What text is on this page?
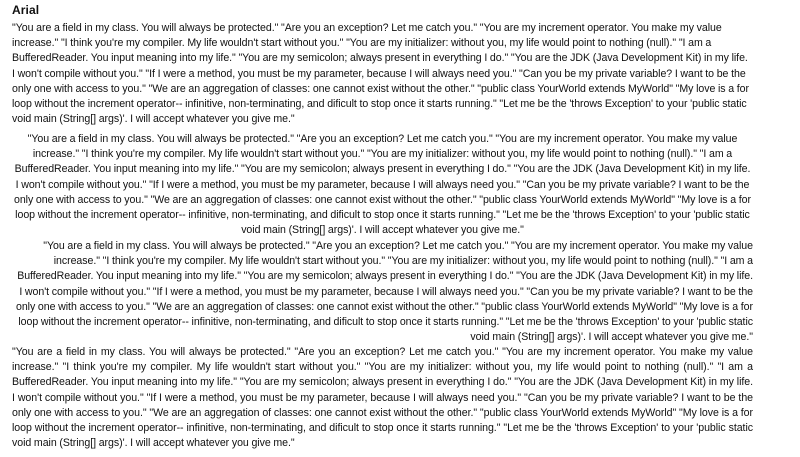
Arial
"You are a field in my class. You will always be protected." "Are you an exception? Let me catch you." "You are my increment operator. You make my value increase." "I think you're my compiler. My life wouldn't start without you." "You are my initializer: without you, my life would point to nothing (null)." "I am a BufferedReader. You input meaning into my life." "You are my semicolon; always present in everything I do." "You are the JDK (Java Development Kit) in my life. I won't compile without you." "If I were a method, you must be my parameter, because I will always need you." "Can you be my private variable? I want to be the only one with access to you." "We are an aggregation of classes: one cannot exist without the other." "public class YourWorld extends MyWorld" "My love is a for loop without the increment operator-- infinitive, non-terminating, and dificult to stop once it starts running." "Let me be the 'throws Exception' to your 'public static void main (String[] args)'. I will accept whatever you give me."
"You are a field in my class. You will always be protected." "Are you an exception? Let me catch you." "You are my increment operator. You make my value increase." "I think you're my compiler. My life wouldn't start without you." "You are my initializer: without you, my life would point to nothing (null)." "I am a BufferedReader. You input meaning into my life." "You are my semicolon; always present in everything I do." "You are the JDK (Java Development Kit) in my life. I won't compile without you." "If I were a method, you must be my parameter, because I will always need you." "Can you be my private variable? I want to be the only one with access to you." "We are an aggregation of classes: one cannot exist without the other." "public class YourWorld extends MyWorld" "My love is a for loop without the increment operator-- infinitive, non-terminating, and dificult to stop once it starts running." "Let me be the 'throws Exception' to your 'public static void main (String[] args)'. I will accept whatever you give me."
"You are a field in my class. You will always be protected." "Are you an exception? Let me catch you." "You are my increment operator. You make my value increase." "I think you're my compiler. My life wouldn't start without you." "You are my initializer: without you, my life would point to nothing (null)." "I am a BufferedReader. You input meaning into my life." "You are my semicolon; always present in everything I do." "You are the JDK (Java Development Kit) in my life. I won't compile without you." "If I were a method, you must be my parameter, because I will always need you." "Can you be my private variable? I want to be the only one with access to you." "We are an aggregation of classes: one cannot exist without the other." "public class YourWorld extends MyWorld" "My love is a for loop without the increment operator-- infinitive, non-terminating, and dificult to stop once it starts running." "Let me be the 'throws Exception' to your 'public static void main (String[] args)'. I will accept whatever you give me."
"You are a field in my class. You will always be protected." "Are you an exception? Let me catch you." "You are my increment operator. You make my value increase." "I think you're my compiler. My life wouldn't start without you." "You are my initializer: without you, my life would point to nothing (null)." "I am a BufferedReader. You input meaning into my life." "You are my semicolon; always present in everything I do." "You are the JDK (Java Development Kit) in my life. I won't compile without you." "If I were a method, you must be my parameter, because I will always need you." "Can you be my private variable? I want to be the only one with access to you." "We are an aggregation of classes: one cannot exist without the other." "public class YourWorld extends MyWorld" "My love is a for loop without the increment operator-- infinitive, non-terminating, and dificult to stop once it starts running." "Let me be the 'throws Exception' to your 'public static void main (String[] args)'. I will accept whatever you give me."
